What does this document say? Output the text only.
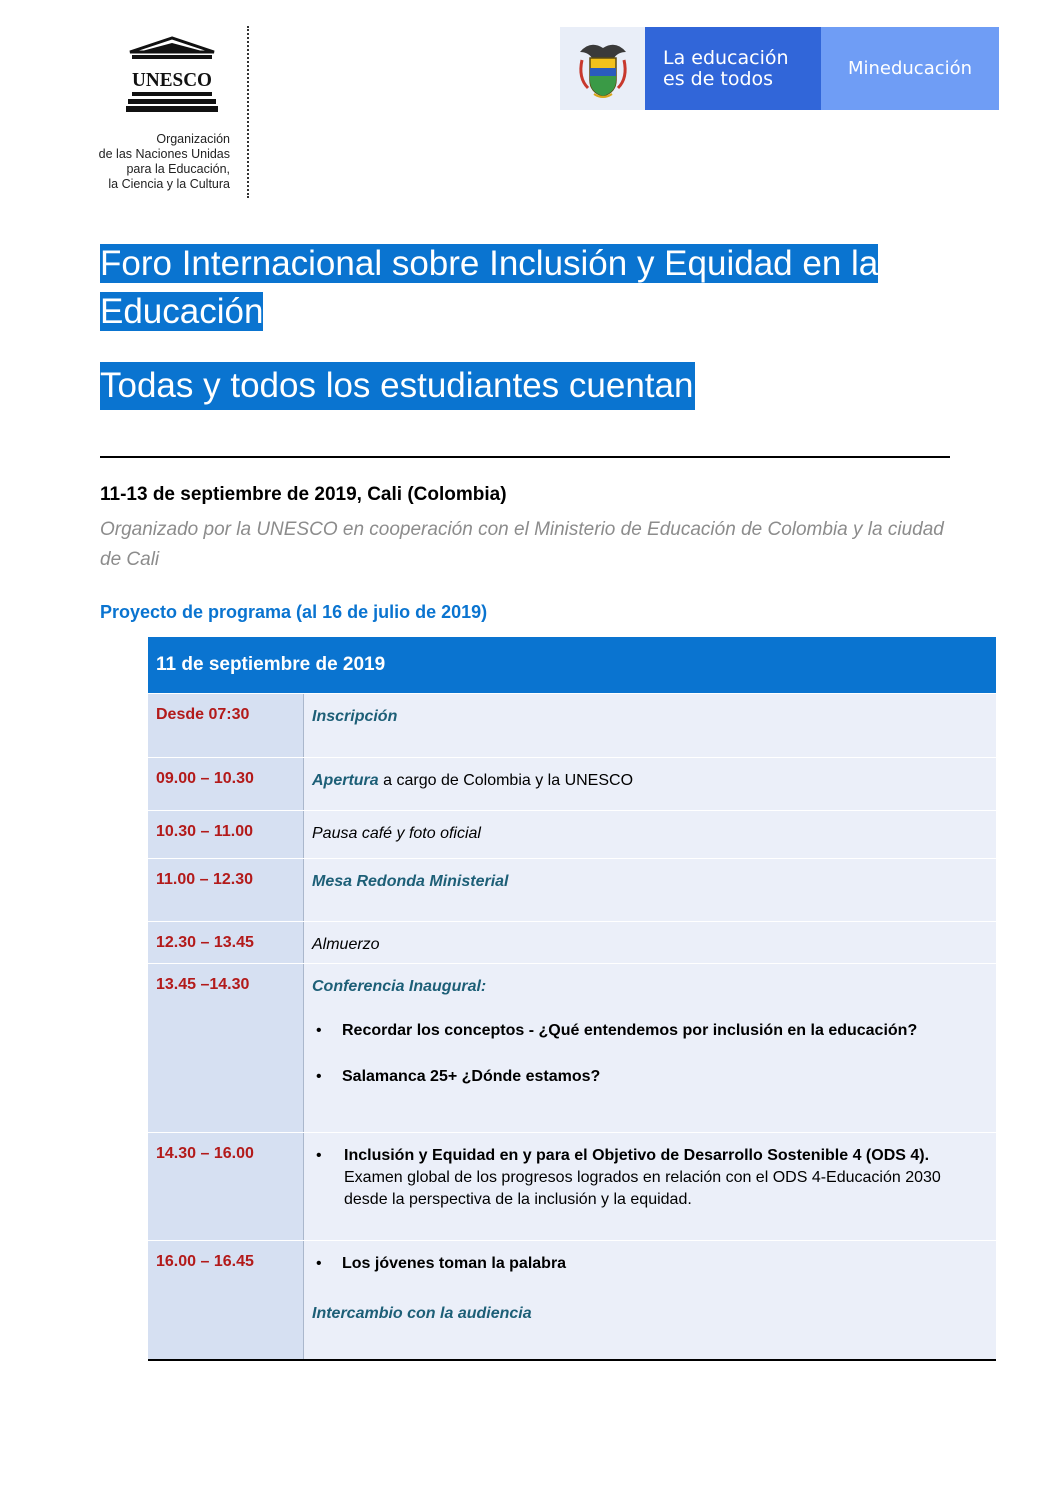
UNESCO
Organización
de las Naciones Unidas
para la Educación,
la Ciencia y la Cultura
La educación
es de todos	Mineducación
Foro Internacional sobre Inclusión y Equidad en la Educación
Todas y todos los estudiantes cuentan
11-13 de septiembre de 2019, Cali (Colombia)
Organizado por la UNESCO en cooperación con el Ministerio de Educación de Colombia y la ciudad de Cali
Proyecto de programa (al 16 de julio de 2019)
11 de septiembre de 2019
Desde 07:30	Inscripción
09.00 – 10.30	Apertura a cargo de Colombia y la UNESCO
10.30 – 11.00	Pausa café y foto oficial
11.00 – 12.30	Mesa Redonda Ministerial
12.30 – 13.45	Almuerzo
13.45 –14.30	Conferencia Inaugural:
• Recordar los conceptos - ¿Qué entendemos por inclusión en la educación?
• Salamanca 25+ ¿Dónde estamos?
14.30 – 16.00	• Inclusión y Equidad en y para el Objetivo de Desarrollo Sostenible 4 (ODS 4).
Examen global de los progresos logrados en relación con el ODS 4-Educación 2030 desde la perspectiva de la inclusión y la equidad.
16.00 – 16.45	• Los jóvenes toman la palabra
Intercambio con la audiencia
